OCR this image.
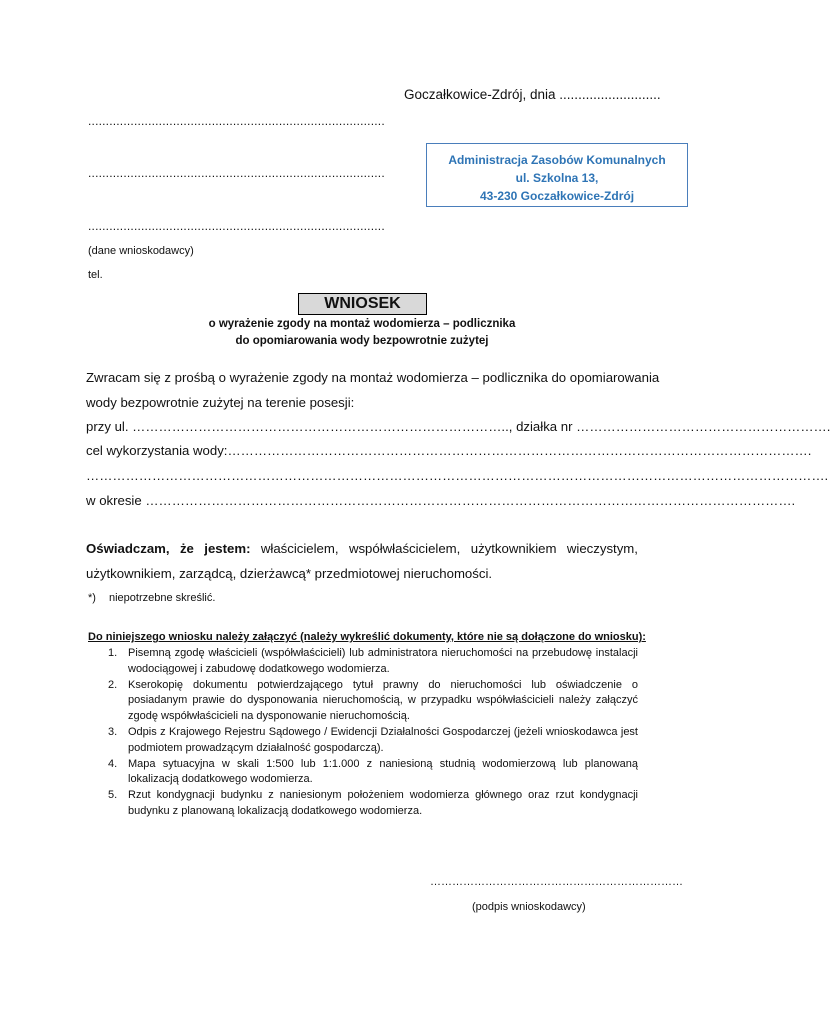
Goczałkowice-Zdrój, dnia ...........................
....................................................................................
....................................................................................
....................................................................................
(dane wnioskodawcy)
tel.
Administracja Zasobów Komunalnych
ul. Szkolna 13,
43-230 Goczałkowice-Zdrój
WNIOSEK
o wyrażenie zgody na montaż wodomierza – podlicznika
do opomiarowania wody bezpowrotnie zużytej
Zwracam się z prośbą o wyrażenie zgody na montaż wodomierza – podlicznika do opomiarowania
wody bezpowrotnie zużytej na terenie posesji:
przy ul. ………………………………………………………………………….., działka nr ………………………………………………….
cel wykorzystania wody:…………………………………………………………………………………………………………………….
…………………………………………………………………………………………………………………………………………………….
w okresie ………………………………………………………………………………………………………………………………….
Oświadczam, że jestem: właścicielem, współwłaścicielem, użytkownikiem wieczystym,
użytkownikiem, zarządcą, dzierżawcą* przedmiotowej nieruchomości.
*) niepotrzebne skreślić.
Do niniejszego wniosku należy załączyć (należy wykreślić dokumenty, które nie są dołączone do wniosku):
1. Pisemną zgodę właścicieli (współwłaścicieli) lub administratora nieruchomości na przebudowę instalacji wodociągowej i zabudowę dodatkowego wodomierza.
2. Kserokopię dokumentu potwierdzającego tytuł prawny do nieruchomości lub oświadczenie o posiadanym prawie do dysponowania nieruchomością, w przypadku współwłaścicieli należy załączyć zgodę współwłaścicieli na dysponowanie nieruchomością.
3. Odpis z Krajowego Rejestru Sądowego / Ewidencji Działalności Gospodarczej (jeżeli wnioskodawca jest podmiotem prowadzącym działalność gospodarczą).
4. Mapa sytuacyjna w skali 1:500 lub 1:1.000 z naniesioną studnią wodomierzową lub planowaną lokalizacją dodatkowego wodomierza.
5. Rzut kondygnacji budynku z naniesionym położeniem wodomierza głównego oraz rzut kondygnacji budynku z planowaną lokalizacją dodatkowego wodomierza.
……………………………………………………………
(podpis wnioskodawcy)
